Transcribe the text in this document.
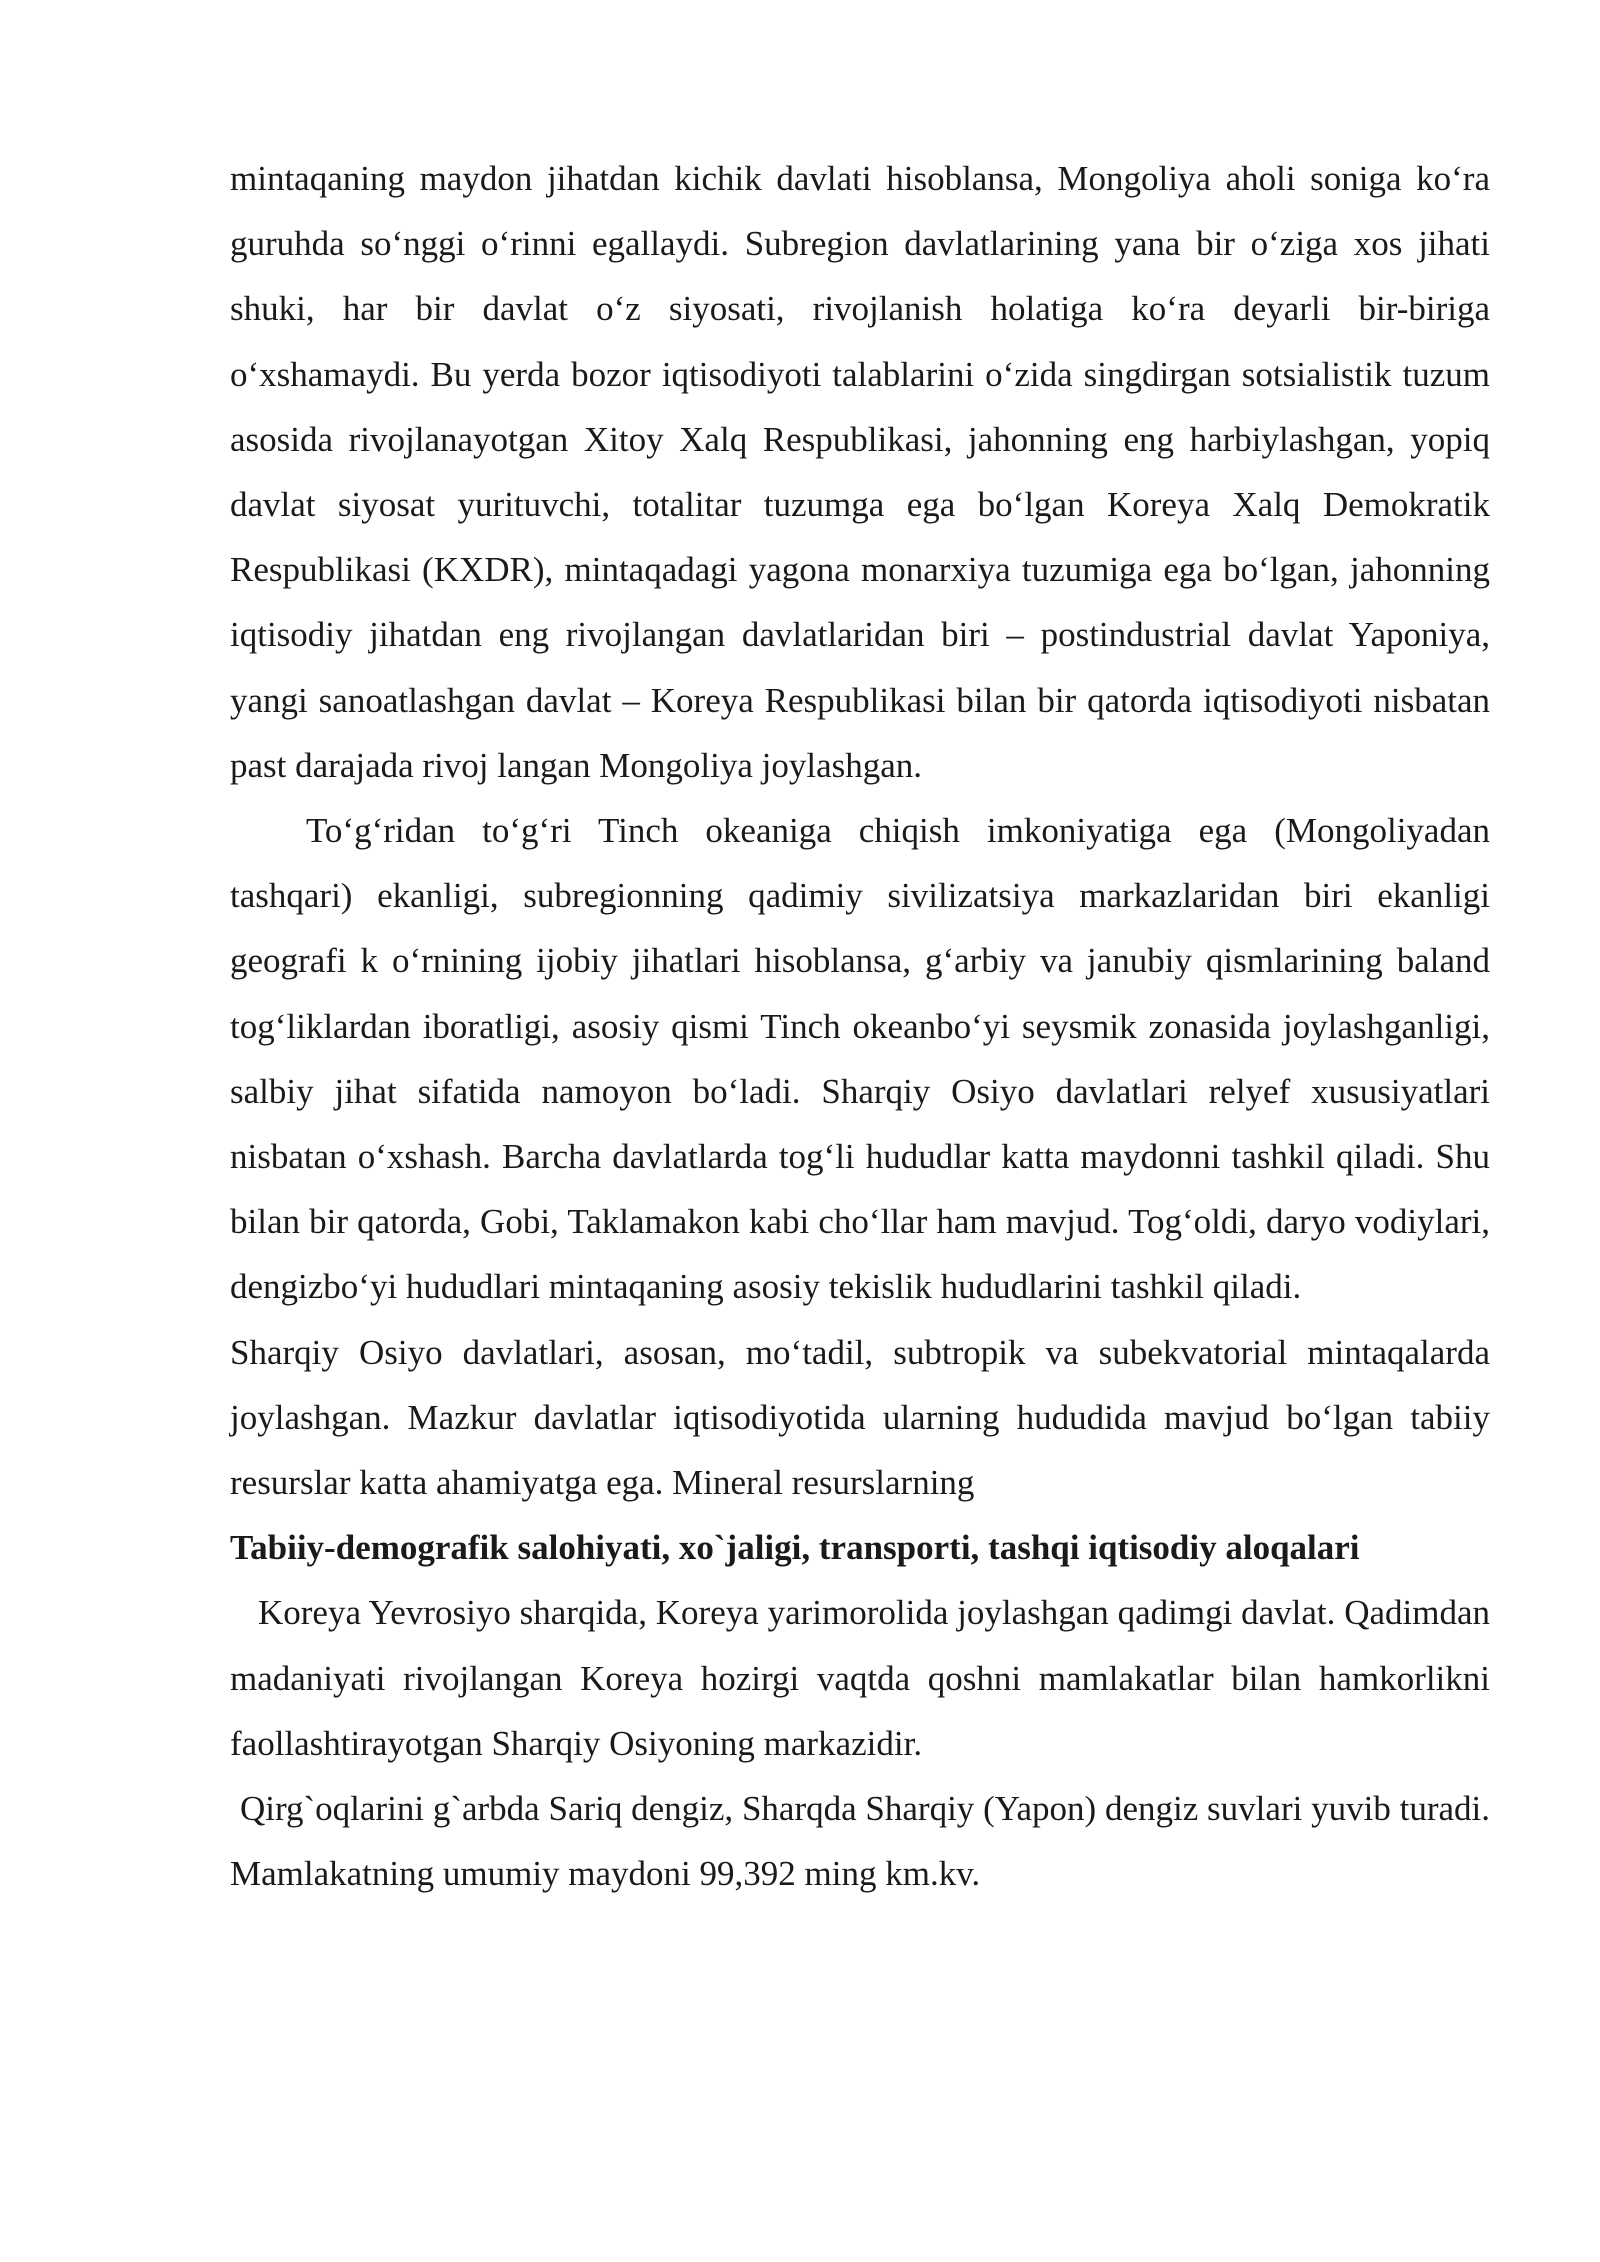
mintaqaning maydon jihatdan kichik davlati hisoblansa, Mongoliya aholi soniga ko‘ra guruhda so‘nggi o‘rinni egallaydi. Subregion davlatlarining yana bir o‘ziga xos jihati shuki, har bir davlat o‘z siyosati, rivojlanish holatiga ko‘ra deyarli bir-biriga o‘xshamaydi. Bu yerda bozor iqtisodiyoti talablarini o‘zida singdirgan sotsialistik tuzum asosida rivojlanayotgan Xitoy Xalq Respublikasi, jahonning eng harbiylashgan, yopiq davlat siyosat yurituvchi, totalitar tuzumga ega bo‘lgan Koreya Xalq Demokratik Respublikasi (KXDR), mintaqadagi yagona monarxiya tuzumiga ega bo‘lgan, jahonning iqtisodiy jihatdan eng rivojlangan davlatlaridan biri – postindustrial davlat Yaponiya, yangi sanoatlashgan davlat – Koreya Respublikasi bilan bir qatorda iqtisodiyoti nisbatan past darajada rivoj langan Mongoliya joylashgan.

To‘g‘ridan to‘g‘ri Tinch okeaniga chiqish imkoniyatiga ega (Mongoliyadan tashqari) ekanligi, subregionning qadimiy sivilizatsiya markazlaridan biri ekanligi geografi k o‘rnining ijobiy jihatlari hisoblansa, g‘arbiy va janubiy qismlarining baland tog‘liklardan iboratligi, asosiy qismi Tinch okeanbo‘yi seysmik zonasida joylashganligi, salbiy jihat sifatida namoyon bo‘ladi. Sharqiy Osiyo davlatlari relyef xususiyatlari nisbatan o‘xshash. Barcha davlatlarda tog‘li hududlar katta maydonni tashkil qiladi. Shu bilan bir qatorda, Gobi, Taklamakon kabi cho‘llar ham mavjud. Tog‘oldi, daryo vodiylari, dengizbo‘yi hududlari mintaqaning asosiy tekislik hududlarini tashkil qiladi.

Sharqiy Osiyo davlatlari, asosan, mo‘tadil, subtropik va subekvatorial mintaqalarda joylashgan. Mazkur davlatlar iqtisodiyotida ularning hududida mavjud bo‘lgan tabiiy resurslar katta ahamiyatga ega. Mineral resurslarning

Tabiiy-demografik salohiyati, xo`jaligi, transporti, tashqi iqtisodiy aloqalari

Koreya Yevrosiyo sharqida, Koreya yarimorolida joylashgan qadimgi davlat. Qadimdan madaniyati rivojlangan Koreya hozirgi vaqtda qoshni mamlakatlar bilan hamkorlikni faollashtirayotgan Sharqiy Osiyoning markazidir.

Qirg`oqlarini g`arbda Sariq dengiz, Sharqda Sharqiy (Yapon) dengiz suvlari yuvib turadi. Mamlakatning umumiy maydoni 99,392 ming km.kv.
